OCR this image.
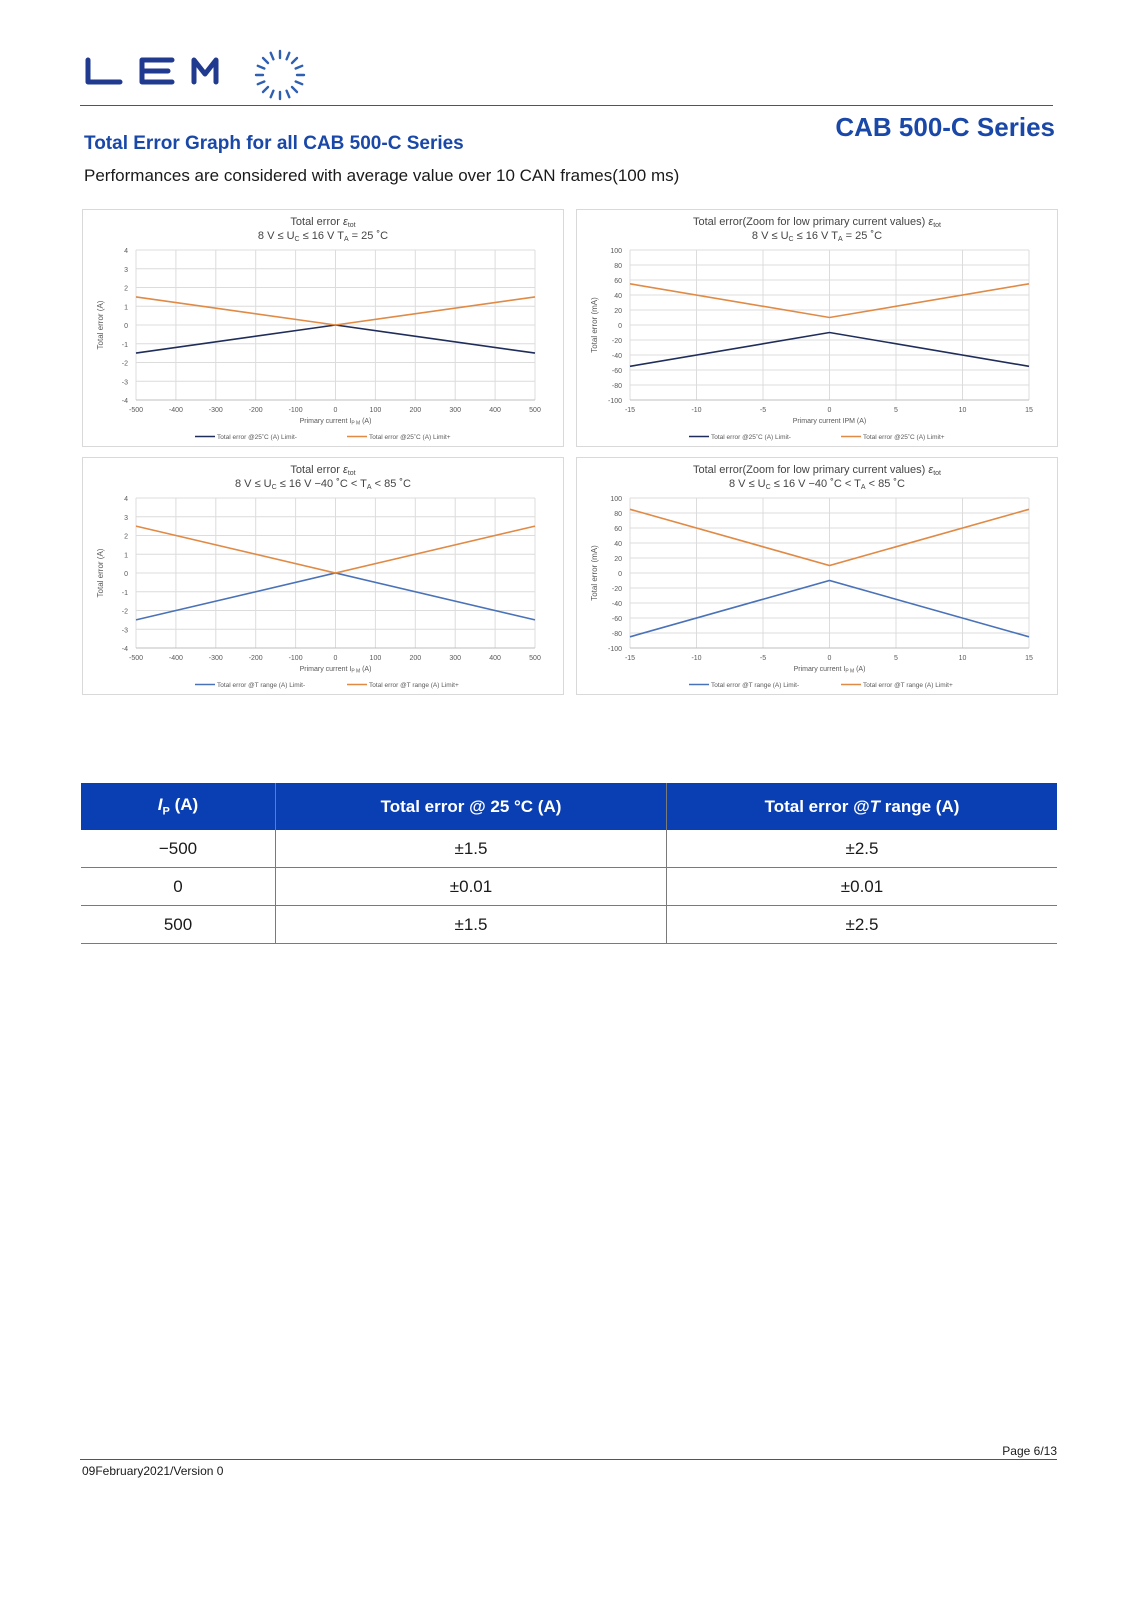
CAB 500-C Series
Total Error Graph for all CAB 500-C Series
Performances are considered with average value over 10 CAN frames(100 ms)
Total error εtot
8 V ≤ UC ≤ 16 V TA = 25 ˚C
-4
-3
-2
-1
0
1
2
3
4
-500	-400	-300	-200	-100	0	100	200	300	400	500
Total error (A)
Primary current $I_{P M}$ (A)
Total error @25˚C (A) Limit-	Total error @25˚C (A) Limit+
Total error(Zoom for low primary current values) εtot
8 V ≤ UC ≤ 16 V TA = 25 ˚C
-100
-80
-60
-40
-20
0
20
40
60
80
100
-15	-10	-5	0	5	10	15
Total error (mA)
Primary current IPM (A)
Total error @25˚C (A) Limit-	Total error @25˚C (A) Limit+
Total error εtot
8 V ≤ UC ≤ 16 V −40 ˚C < TA < 85 ˚C
-4
-3
-2
-1
0
1
2
3
4
-500	-400	-300	-200	-100	0	100	200	300	400	500
Total error (A)
Primary current $I_{P M}$ (A)
Total error @T range (A) Limit-	Total error @T range (A) Limit+
Total error(Zoom for low primary current values) εtot
8 V ≤ UC ≤ 16 V −40 ˚C < TA < 85 ˚C
-100
-80
-60
-40
-20
0
20
40
60
80
100
-15	-10	-5	0	5	10	15
Total error (mA)
Primary current $I_{P M}$ (A)
Total error @T range (A) Limit-	Total error @T range (A) Limit+
$I_P$ (A)	Total error @ 25 °C (A)	Total error @T range (A)
−500	±1.5	±2.5
0	±0.01	±0.01
500	±1.5	±2.5
Page 6/13
09February2021/Version 0
